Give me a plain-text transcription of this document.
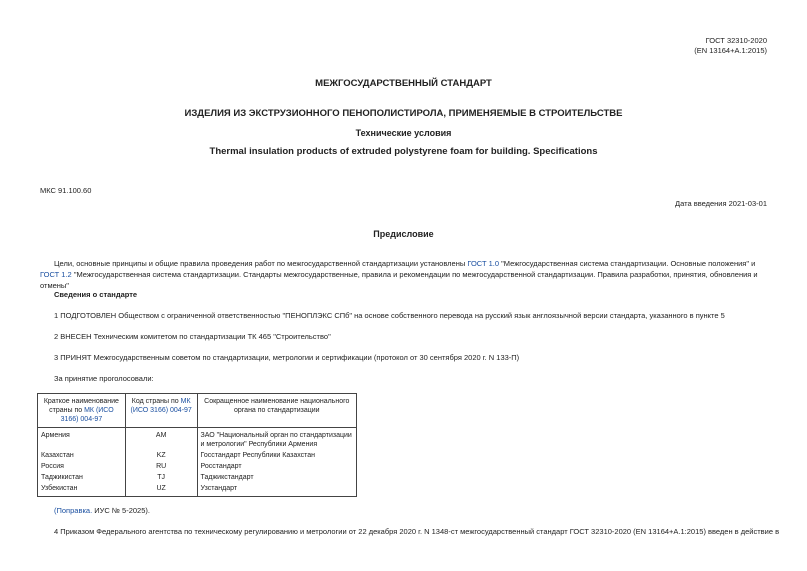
ГОСТ 32310-2020
(EN 13164+A.1:2015)
МЕЖГОСУДАРСТВЕННЫЙ СТАНДАРТ
ИЗДЕЛИЯ ИЗ ЭКСТРУЗИОННОГО ПЕНОПОЛИСТИРОЛА, ПРИМЕНЯЕМЫЕ В СТРОИТЕЛЬСТВЕ
Технические условия
Thermal insulation products of extruded polystyrene foam for building. Specifications
МКС 91.100.60
Дата введения 2021-03-01
Предисловие
Цели, основные принципы и общие правила проведения работ по межгосударственной стандартизации установлены ГОСТ 1.0 "Межгосударственная система стандартизации. Основные положения" и ГОСТ 1.2 "Межгосударственная система стандартизации. Стандарты межгосударственные, правила и рекомендации по межгосударственной стандартизации. Правила разработки, принятия, обновления и отмены"
Сведения о стандарте
1 ПОДГОТОВЛЕН Обществом с ограниченной ответственностью "ПЕНОПЛЭКС СПб" на основе собственного перевода на русский язык англоязычной версии стандарта, указанного в пункте 5
2 ВНЕСЕН Техническим комитетом по стандартизации ТК 465 "Строительство"
3 ПРИНЯТ Межгосударственным советом по стандартизации, метрологии и сертификации (протокол от 30 сентября 2020 г. N 133-П)
За принятие проголосовали:
Краткое наименование страны по МК (ИСО 3166) 004-97	Код страны по МК (ИСО 3166) 004-97	Сокращенное наименование национального органа по стандартизации
Армения	AM	ЗАО "Национальный орган по стандартизации и метрологии" Республики Армения
Казахстан	KZ	Госстандарт Республики Казахстан
Россия	RU	Росстандарт
Таджикистан	TJ	Таджикстандарт
Узбекистан	UZ	Узстандарт
(Поправка. ИУС № 5-2025).
4 Приказом Федерального агентства по техническому регулированию и метрологии от 22 декабря 2020 г. N 1348-ст межгосударственный стандарт ГОСТ 32310-2020 (EN 13164+A.1:2015) введен в действие в
